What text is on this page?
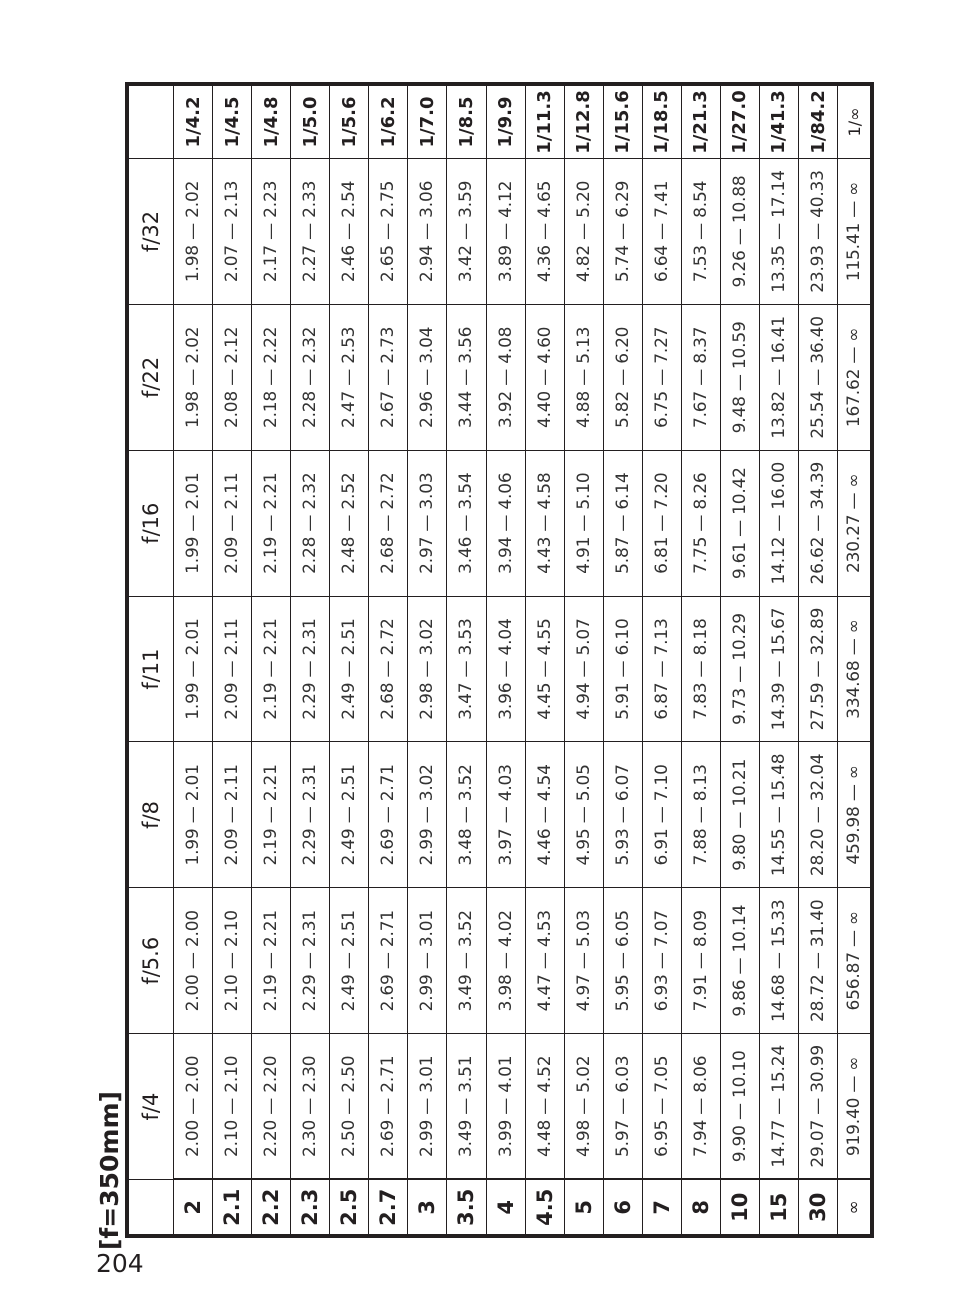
204
[f=350mm]
	f/4	f/5.6	f/8	f/11	f/16	f/22	f/32	
2	2.00 — 2.00	2.00 — 2.00	1.99 — 2.01	1.99 — 2.01	1.99 — 2.01	1.98 — 2.02	1.98 — 2.02	1/4.2
2.1	2.10 — 2.10	2.10 — 2.10	2.09 — 2.11	2.09 — 2.11	2.09 — 2.11	2.08 — 2.12	2.07 — 2.13	1/4.5
2.2	2.20 — 2.20	2.19 — 2.21	2.19 — 2.21	2.19 — 2.21	2.19 — 2.21	2.18 — 2.22	2.17 — 2.23	1/4.8
2.3	2.30 — 2.30	2.29 — 2.31	2.29 — 2.31	2.29 — 2.31	2.28 — 2.32	2.28 — 2.32	2.27 — 2.33	1/5.0
2.5	2.50 — 2.50	2.49 — 2.51	2.49 — 2.51	2.49 — 2.51	2.48 — 2.52	2.47 — 2.53	2.46 — 2.54	1/5.6
2.7	2.69 — 2.71	2.69 — 2.71	2.69 — 2.71	2.68 — 2.72	2.68 — 2.72	2.67 — 2.73	2.65 — 2.75	1/6.2
3	2.99 — 3.01	2.99 — 3.01	2.99 — 3.02	2.98 — 3.02	2.97 — 3.03	2.96 — 3.04	2.94 — 3.06	1/7.0
3.5	3.49 — 3.51	3.49 — 3.52	3.48 — 3.52	3.47 — 3.53	3.46 — 3.54	3.44 — 3.56	3.42 — 3.59	1/8.5
4	3.99 — 4.01	3.98 — 4.02	3.97 — 4.03	3.96 — 4.04	3.94 — 4.06	3.92 — 4.08	3.89 — 4.12	1/9.9
4.5	4.48 — 4.52	4.47 — 4.53	4.46 — 4.54	4.45 — 4.55	4.43 — 4.58	4.40 — 4.60	4.36 — 4.65	1/11.3
5	4.98 — 5.02	4.97 — 5.03	4.95 — 5.05	4.94 — 5.07	4.91 — 5.10	4.88 — 5.13	4.82 — 5.20	1/12.8
6	5.97 — 6.03	5.95 — 6.05	5.93 — 6.07	5.91 — 6.10	5.87 — 6.14	5.82 — 6.20	5.74 — 6.29	1/15.6
7	6.95 — 7.05	6.93 — 7.07	6.91 — 7.10	6.87 — 7.13	6.81 — 7.20	6.75 — 7.27	6.64 — 7.41	1/18.5
8	7.94 — 8.06	7.91 — 8.09	7.88 — 8.13	7.83 — 8.18	7.75 — 8.26	7.67 — 8.37	7.53 — 8.54	1/21.3
10	9.90 — 10.10	9.86 — 10.14	9.80 — 10.21	9.73 — 10.29	9.61 — 10.42	9.48 — 10.59	9.26 — 10.88	1/27.0
15	14.77 — 15.24	14.68 — 15.33	14.55 — 15.48	14.39 — 15.67	14.12 — 16.00	13.82 — 16.41	13.35 — 17.14	1/41.3
30	29.07 — 30.99	28.72 — 31.40	28.20 — 32.04	27.59 — 32.89	26.62 — 34.39	25.54 — 36.40	23.93 — 40.33	1/84.2
∞	919.40 — ∞	656.87 — ∞	459.98 — ∞	334.68 — ∞	230.27 — ∞	167.62 — ∞	115.41 — ∞	1/∞
